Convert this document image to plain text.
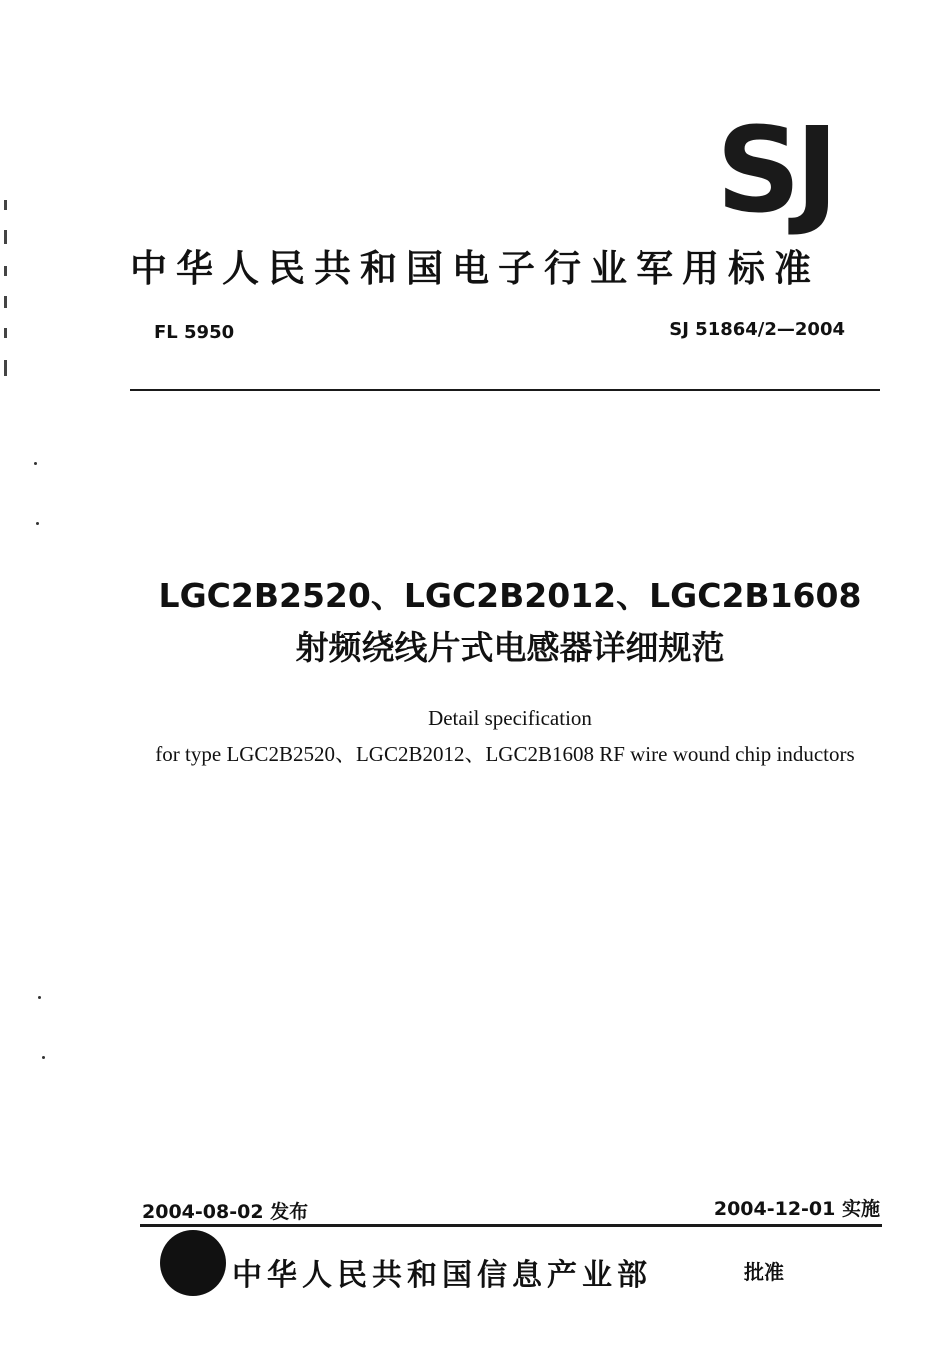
SJ
中华人民共和国电子行业军用标准
FL 5950	SJ 51864/2—2004
LGC2B2520、LGC2B2012、LGC2B1608
射频绕线片式电感器详细规范
Detail specification
for type LGC2B2520、LGC2B2012、LGC2B1608 RF wire wound chip inductors
2004-08-02 发布	2004-12-01 实施
中华人民共和国信息产业部	批准
